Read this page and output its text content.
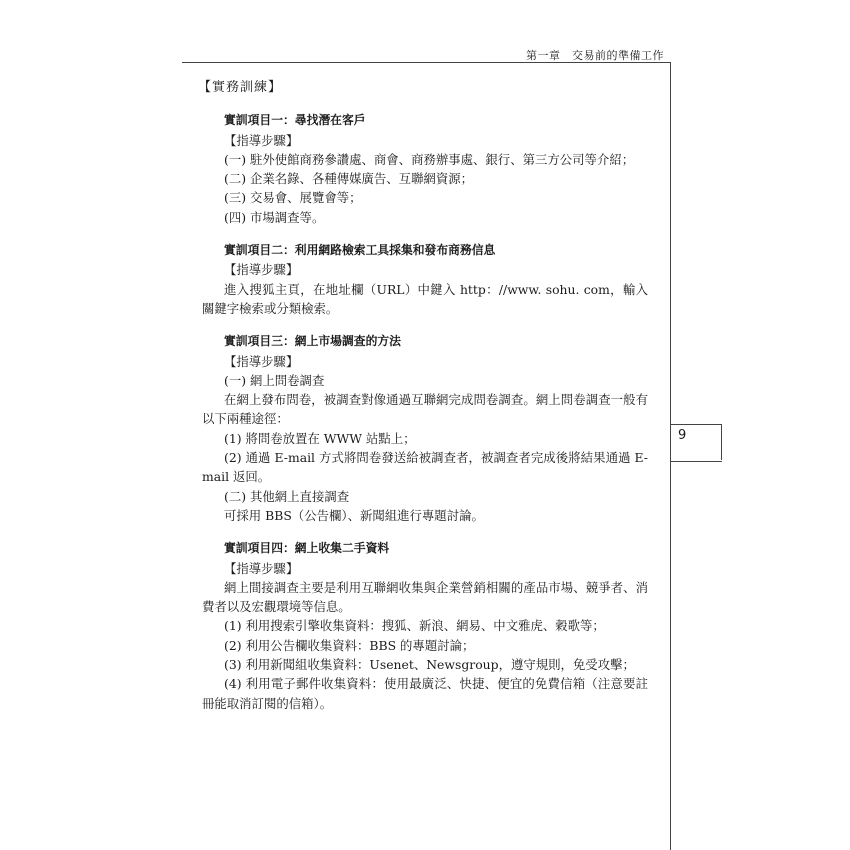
第一章　交易前的準備工作
9
【實務訓練】
實訓項目一：尋找潛在客戶
【指導步驟】
(一) 駐外使館商務參讚處、商會、商務辦事處、銀行、第三方公司等介紹；
(二) 企業名錄、各種傳媒廣告、互聯網資源；
(三) 交易會、展覽會等；
(四) 市場調查等。
實訓項目二：利用網路檢索工具採集和發布商務信息
【指導步驟】

進入搜狐主頁，在地址欄（URL）中鍵入 http：//www. sohu. com，輸入關鍵字檢索或分類檢索。

實訓項目三：網上市場調查的方法
【指導步驟】
(一) 網上問卷調查

在網上發布問卷，被調查對像通過互聯網完成問卷調查。網上問卷調查一般有以下兩種途徑：

(1) 將問卷放置在 WWW 站點上；

(2) 通過 E-mail 方式將問卷發送給被調查者，被調查者完成後將結果通過 E-mail 返回。

(二) 其他網上直接調查
可採用 BBS（公告欄）、新聞組進行專題討論。
實訓項目四：網上收集二手資料
【指導步驟】

網上間接調查主要是利用互聯網收集與企業營銷相關的產品市場、競爭者、消費者以及宏觀環境等信息。

(1) 利用搜索引擎收集資料：搜狐、新浪、網易、中文雅虎、穀歌等；
(2) 利用公告欄收集資料：BBS 的專題討論；
(3) 利用新聞組收集資料：Usenet、Newsgroup，遵守規則，免受攻擊；

(4) 利用電子郵件收集資料：使用最廣泛、快捷、便宜的免費信箱（注意要註冊能取消訂閱的信箱）。
